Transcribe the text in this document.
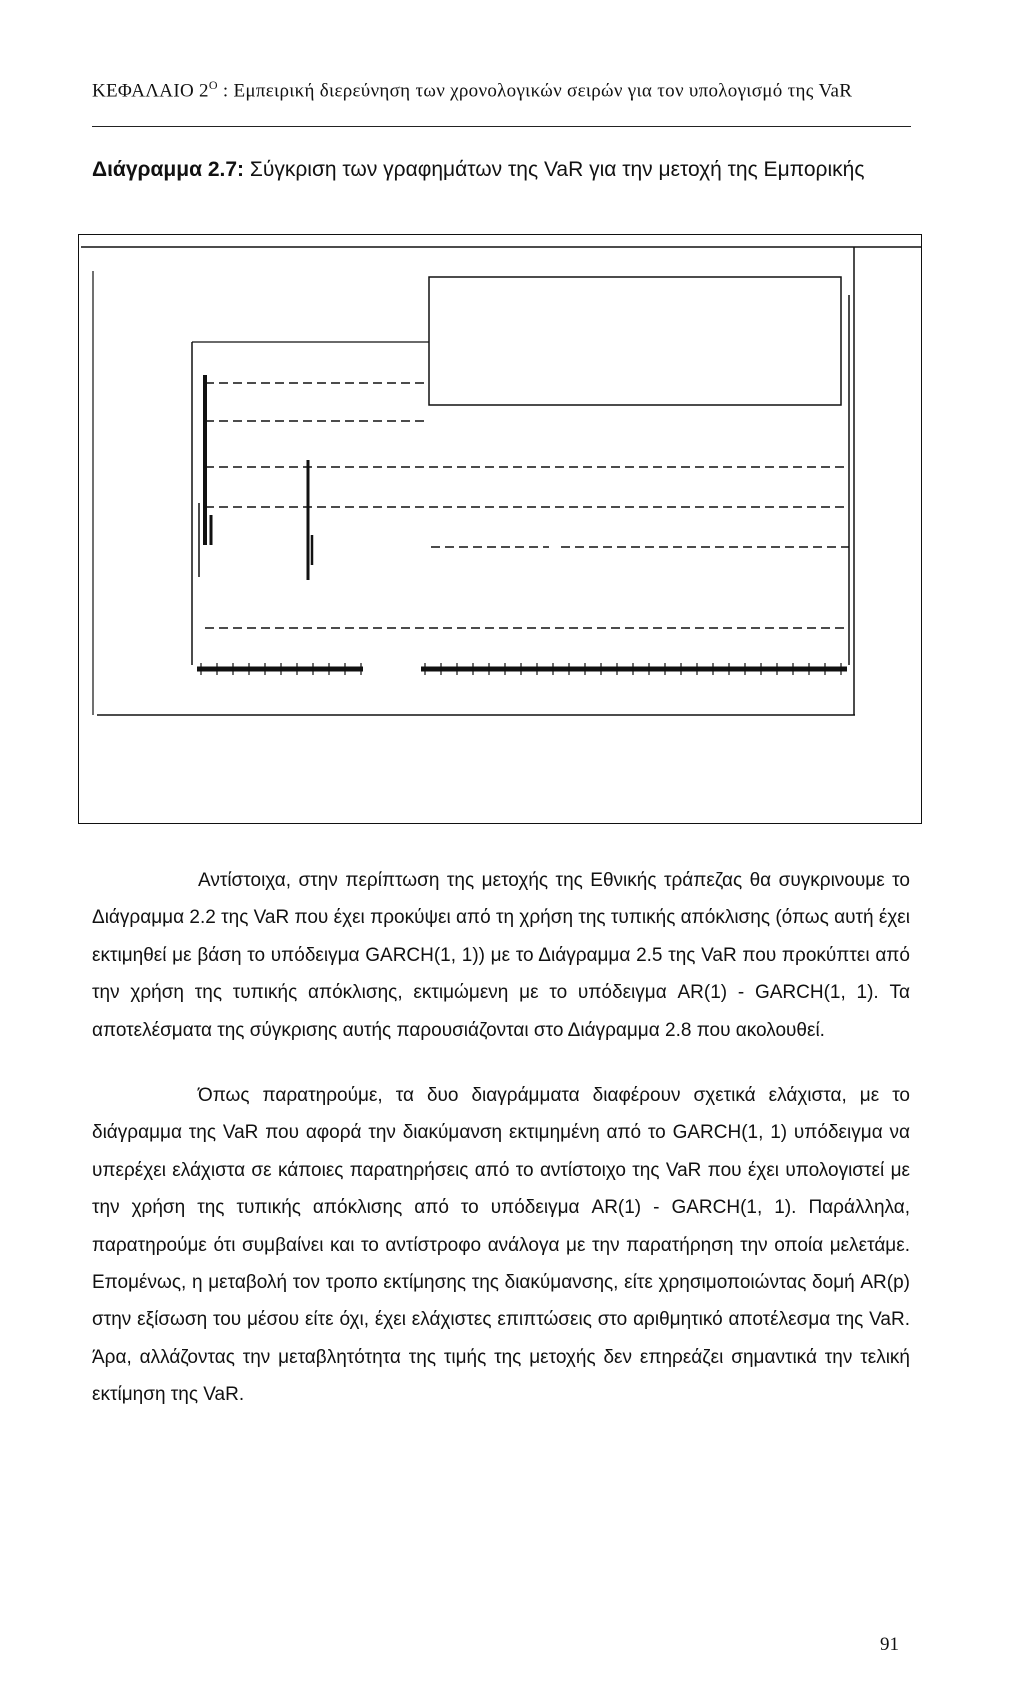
ΚΕΦΑΛΑΙΟ $2^O$ : Εμπειρική διερεύνηση των χρονολογικών σειρών για τον υπολογισμό της VaR
Διάγραμμα 2.7: Σύγκριση των γραφημάτων της VaR για την μετοχή της Εμπορικής

Αντίστοιχα, στην περίπτωση της μετοχής της Εθνικής τράπεζας θα συγκρινουμε το Διάγραμμα 2.2 της VaR που έχει προκύψει από τη χρήση της τυπικής απόκλισης (όπως αυτή έχει εκτιμηθεί με βάση το υπόδειγμα GARCH(1, 1)) με το Διάγραμμα 2.5 της VaR που προκύπτει από την χρήση της τυπικής απόκλισης, εκτιμώμενη με το υπόδειγμα AR(1) - GARCH(1, 1). Τα αποτελέσματα της σύγκρισης αυτής παρουσιάζονται στο Διάγραμμα 2.8 που ακολουθεί.

Όπως παρατηρούμε, τα δυο διαγράμματα διαφέρουν σχετικά ελάχιστα, με το διάγραμμα της VaR που αφορά την διακύμανση εκτιμημένη από το GARCH(1, 1) υπόδειγμα να υπερέχει ελάχιστα σε κάποιες παρατηρήσεις από το αντίστοιχο της VaR που έχει υπολογιστεί με την χρήση της τυπικής απόκλισης από το υπόδειγμα AR(1) - GARCH(1, 1). Παράλληλα, παρατηρούμε ότι συμβαίνει και το αντίστροφο ανάλογα με την παρατήρηση την οποία μελετάμε. Επομένως, η μεταβολή τον τροπο εκτίμησης της διακύμανσης, είτε χρησιμοποιώντας δομή AR(p) στην εξίσωση του μέσου είτε όχι, έχει ελάχιστες επιπτώσεις στο αριθμητικό αποτέλεσμα της VaR. Άρα, αλλάζοντας την μεταβλητότητα της τιμής της μετοχής δεν επηρεάζει σημαντικά την τελική εκτίμηση της VaR.

91
